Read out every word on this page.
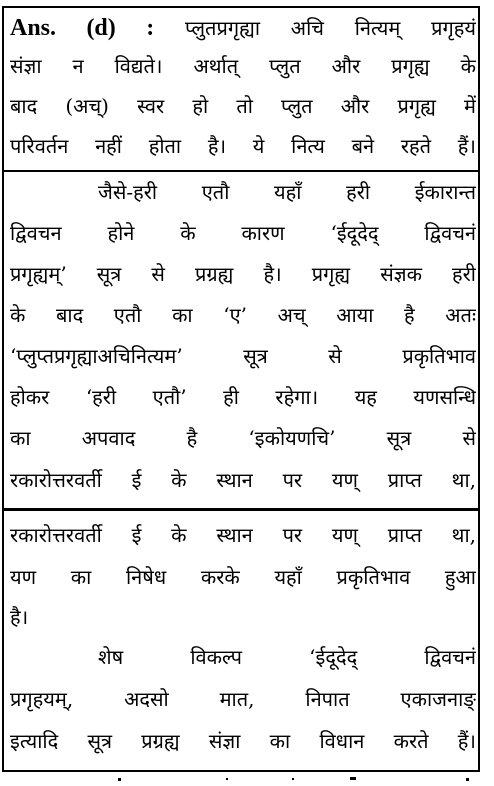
Ans. (d) : प्लुतप्रगृह्या अचि नित्यम् प्रगृहयं
संज्ञा न विद्यते। अर्थात् प्लुत और प्रगृह्य के
बाद (अच्) स्वर हो तो प्लुत और प्रगृह्य में
परिवर्तन नहीं होता है। ये नित्य बने रहते हैं।
जैसे-हरी एतौ यहाँ हरी ईकारान्त
द्विवचन होने के कारण ‘ईदूदेद् द्विवचनं
प्रगृह्यम्’ सूत्र से प्रग्रह्य है। प्रगृह्य संज्ञक हरी
के बाद एतौ का ‘ए’ अच् आया है अतः
‘प्लुप्तप्रगृह्याअचिनित्यम’ सूत्र से प्रकृतिभाव
होकर ‘हरी एतौ’ ही रहेगा। यह यणसन्धि
का अपवाद है ‘इकोयणचि’ सूत्र से
रकारोत्तरवर्ती ई के स्थान पर यण् प्राप्त था,
रकारोत्तरवर्ती ई के स्थान पर यण् प्राप्त था,
यण का निषेध करके यहाँ प्रकृतिभाव हुआ
है।
शेष विकल्प ‘ईदूदेद् द्विवचनं
प्रगृहयम्, अदसो मात, निपात एकाजनाङ्
इत्यादि सूत्र प्रग्रह्य संज्ञा का विधान करते हैं।
